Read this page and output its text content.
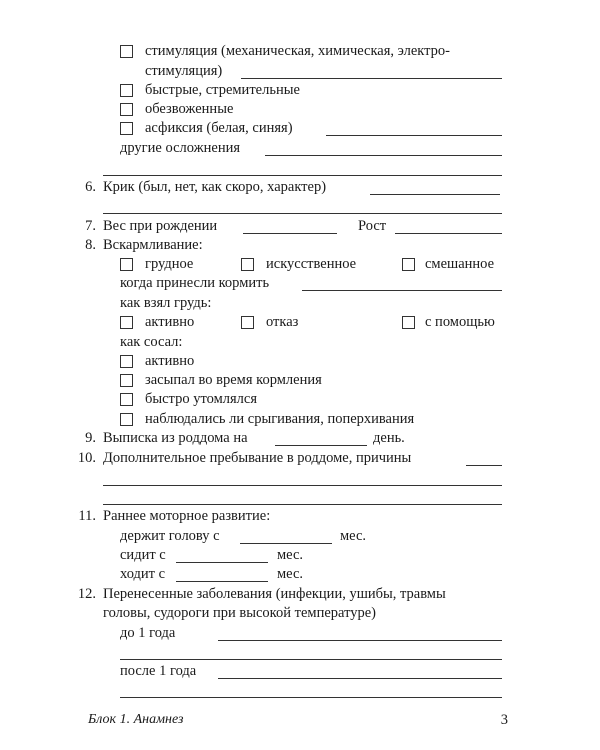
стимуляция (механическая, химическая, электро-
стимуляция)
быстрые, стремительные
обезвоженные
асфиксия (белая, синяя)
другие осложнения
6. Крик (был, нет, как скоро, характер)
7. Вес при рождении	Рост
8. Вскармливание:
грудное	искусственное	смешанное
когда принесли кормить
как взял грудь:
активно	отказ	с помощью
как сосал:
активно
засыпал во время кормления
быстро утомлялся
наблюдались ли срыгивания, поперхивания
9. Выписка из роддома на	день.
10. Дополнительное пребывание в роддоме, причины
11. Раннее моторное развитие:
держит голову с	мес.
сидит с	мес.
ходит с	мес.
12. Перенесенные заболевания (инфекции, ушибы, травмы
головы, судороги при высокой температуре)
до 1 года
после 1 года
Блок 1. Анамнез	3
